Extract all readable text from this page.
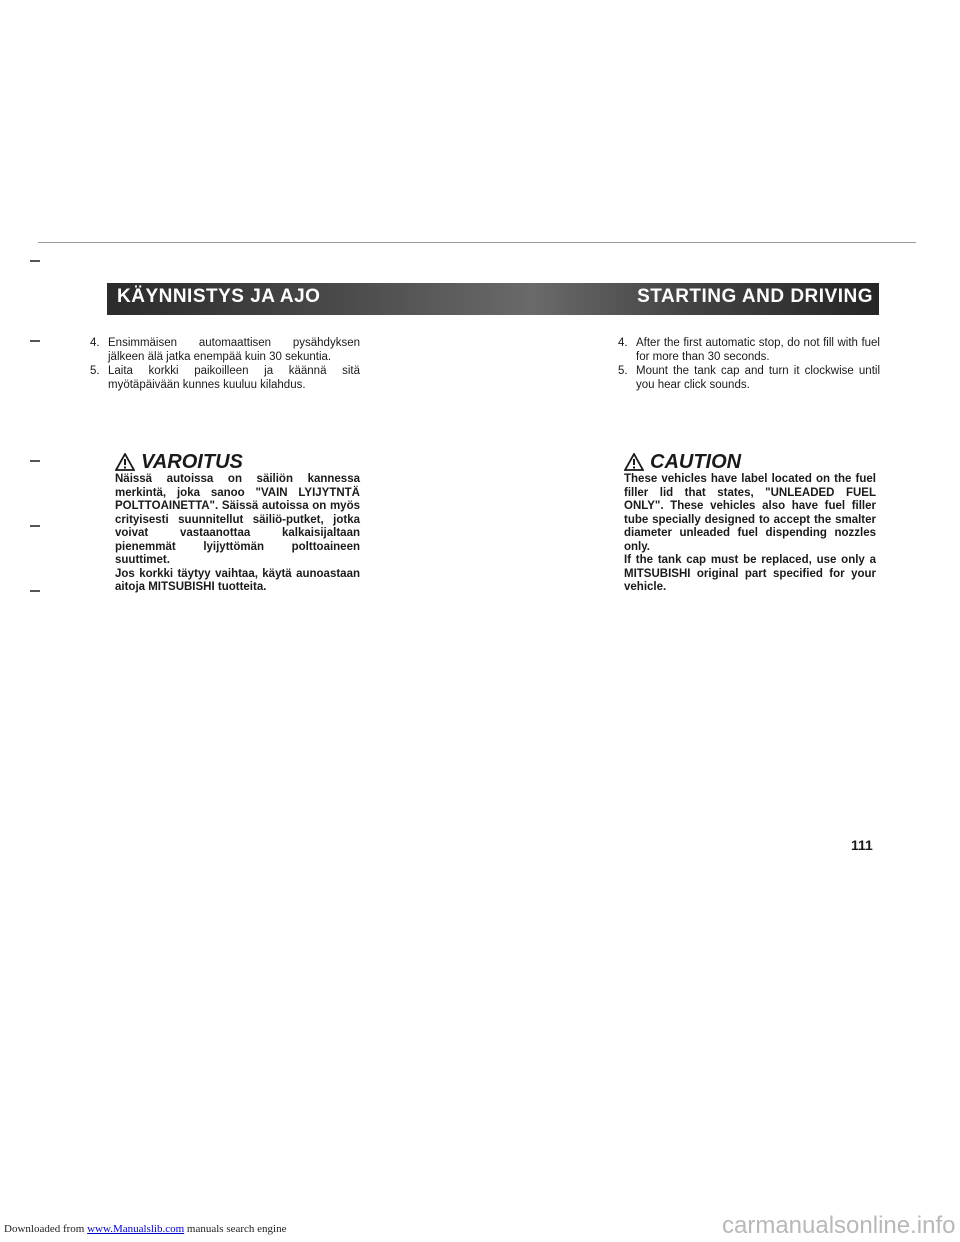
KÄYNNISTYS JA AJO	STARTING AND DRIVING
4. Ensimmäisen automaattisen pysähdyksen jälkeen älä jatka enempää kuin 30 sekuntia.
5. Laita korkki paikoilleen ja käännä sitä myötäpäivään kunnes kuuluu kilahdus.
VAROITUS

Näissä autoissa on säiliön kannessa merkintä, joka sanoo "VAIN LYIJYTNTÄ POLTTOAINETTA". Säissä autoissa on myös crityisesti suunnitellut säiliö-putket, jotka voivat vastaanottaa kalkaisijaltaan pienemmät lyijyttömän polttoaineen suuttimet.

Jos korkki täytyy vaihtaa, käytä aunoastaan aitoja MITSUBISHI tuotteita.

4. After the first automatic stop, do not fill with fuel for more than 30 seconds.
5. Mount the tank cap and turn it clockwise until you hear click sounds.
CAUTION

These vehicles have label located on the fuel filler lid that states, "UNLEADED FUEL ONLY". These vehicles also have fuel filler tube specially designed to accept the smalter diameter unleaded fuel dispending nozzles only.

If the tank cap must be replaced, use only a MITSUBISHI original part specified for your vehicle.

111
Downloaded from www.Manualslib.com manuals search engine	carmanualsonline.info
